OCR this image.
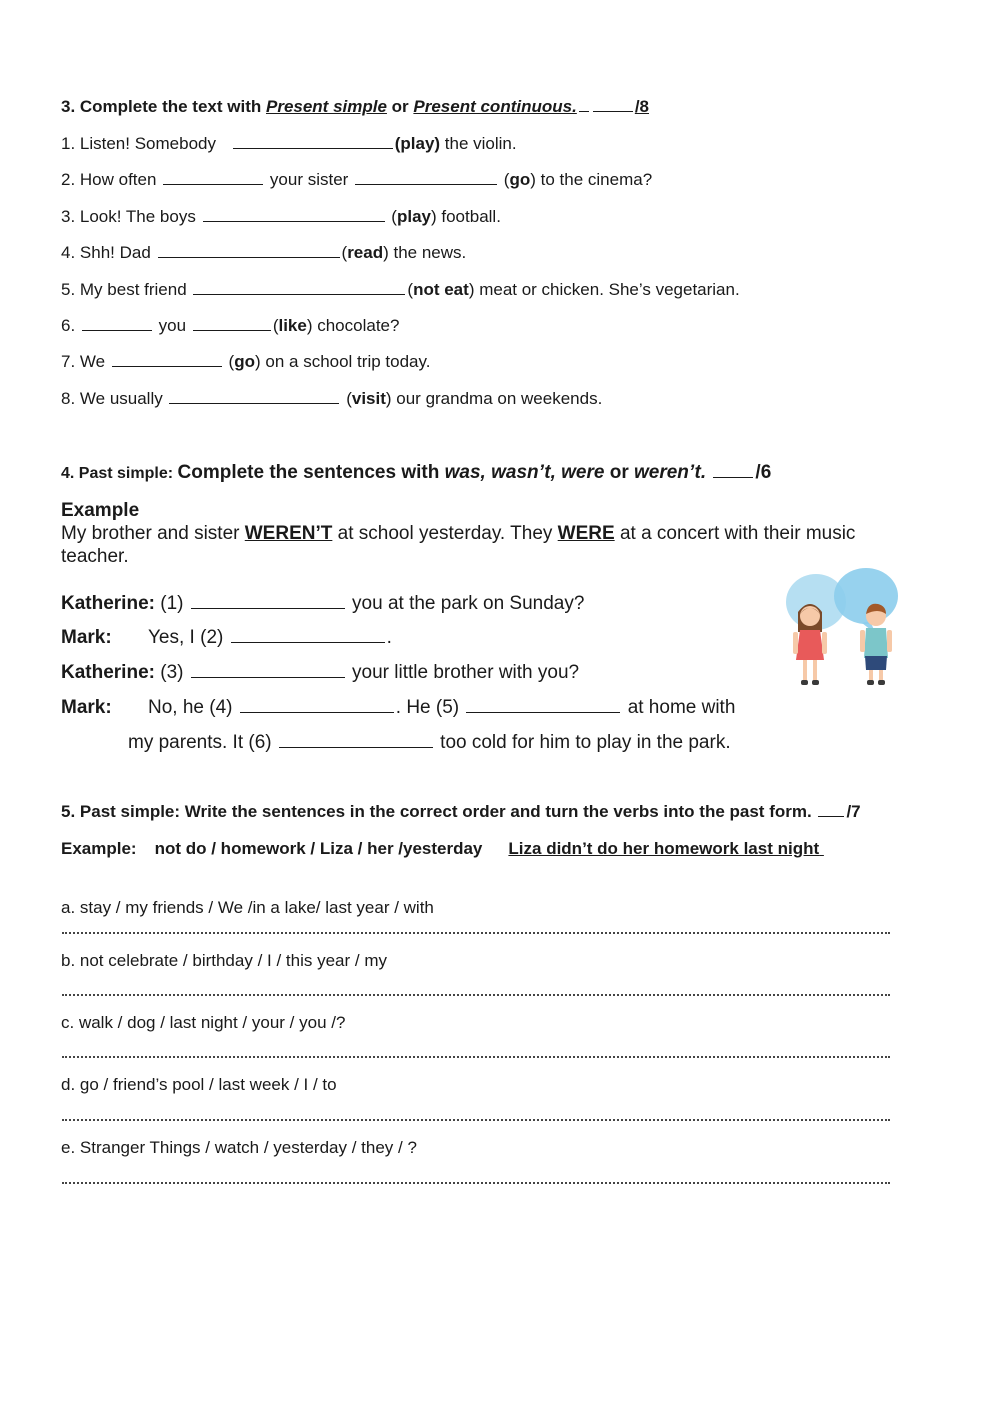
3. Complete the text with Present simple or Present continuous.	/8
1. Listen! Somebody	(play) the violin.
2. How often	your sister	(go) to the cinema?
3. Look! The boys	(play) football.
4. Shh! Dad	(read) the news.
5. My best friend	(not eat) meat or chicken. She’s vegetarian.
6.	you	(like) chocolate?
7. We	(go) on a school trip today.
8. We usually	(visit) our grandma on weekends.
4. Past simple: Complete the sentences with was, wasn’t, were or weren’t.	/6
Example
My brother and sister WEREN’T at school yesterday. They WERE at a concert with their music
teacher.
Katherine: (1)	you at the park on Sunday?
Mark: Yes, I (2)	.
Katherine: (3)	your little brother with you?
Mark: No, he (4)	. He (5)	at home with
my parents. It (6)	too cold for him to play in the park.
5. Past simple: Write the sentences in the correct order and turn the verbs into the past form. /7
Example: not do / homework / Liza / her /yesterday Liza didn’t do her homework last night
a. stay / my friends / We /in a lake/ last year / with
b. not celebrate / birthday / I / this year / my
c. walk / dog / last night / your / you /?
d. go / friend’s pool / last week / I / to
e. Stranger Things / watch / yesterday / they / ?
